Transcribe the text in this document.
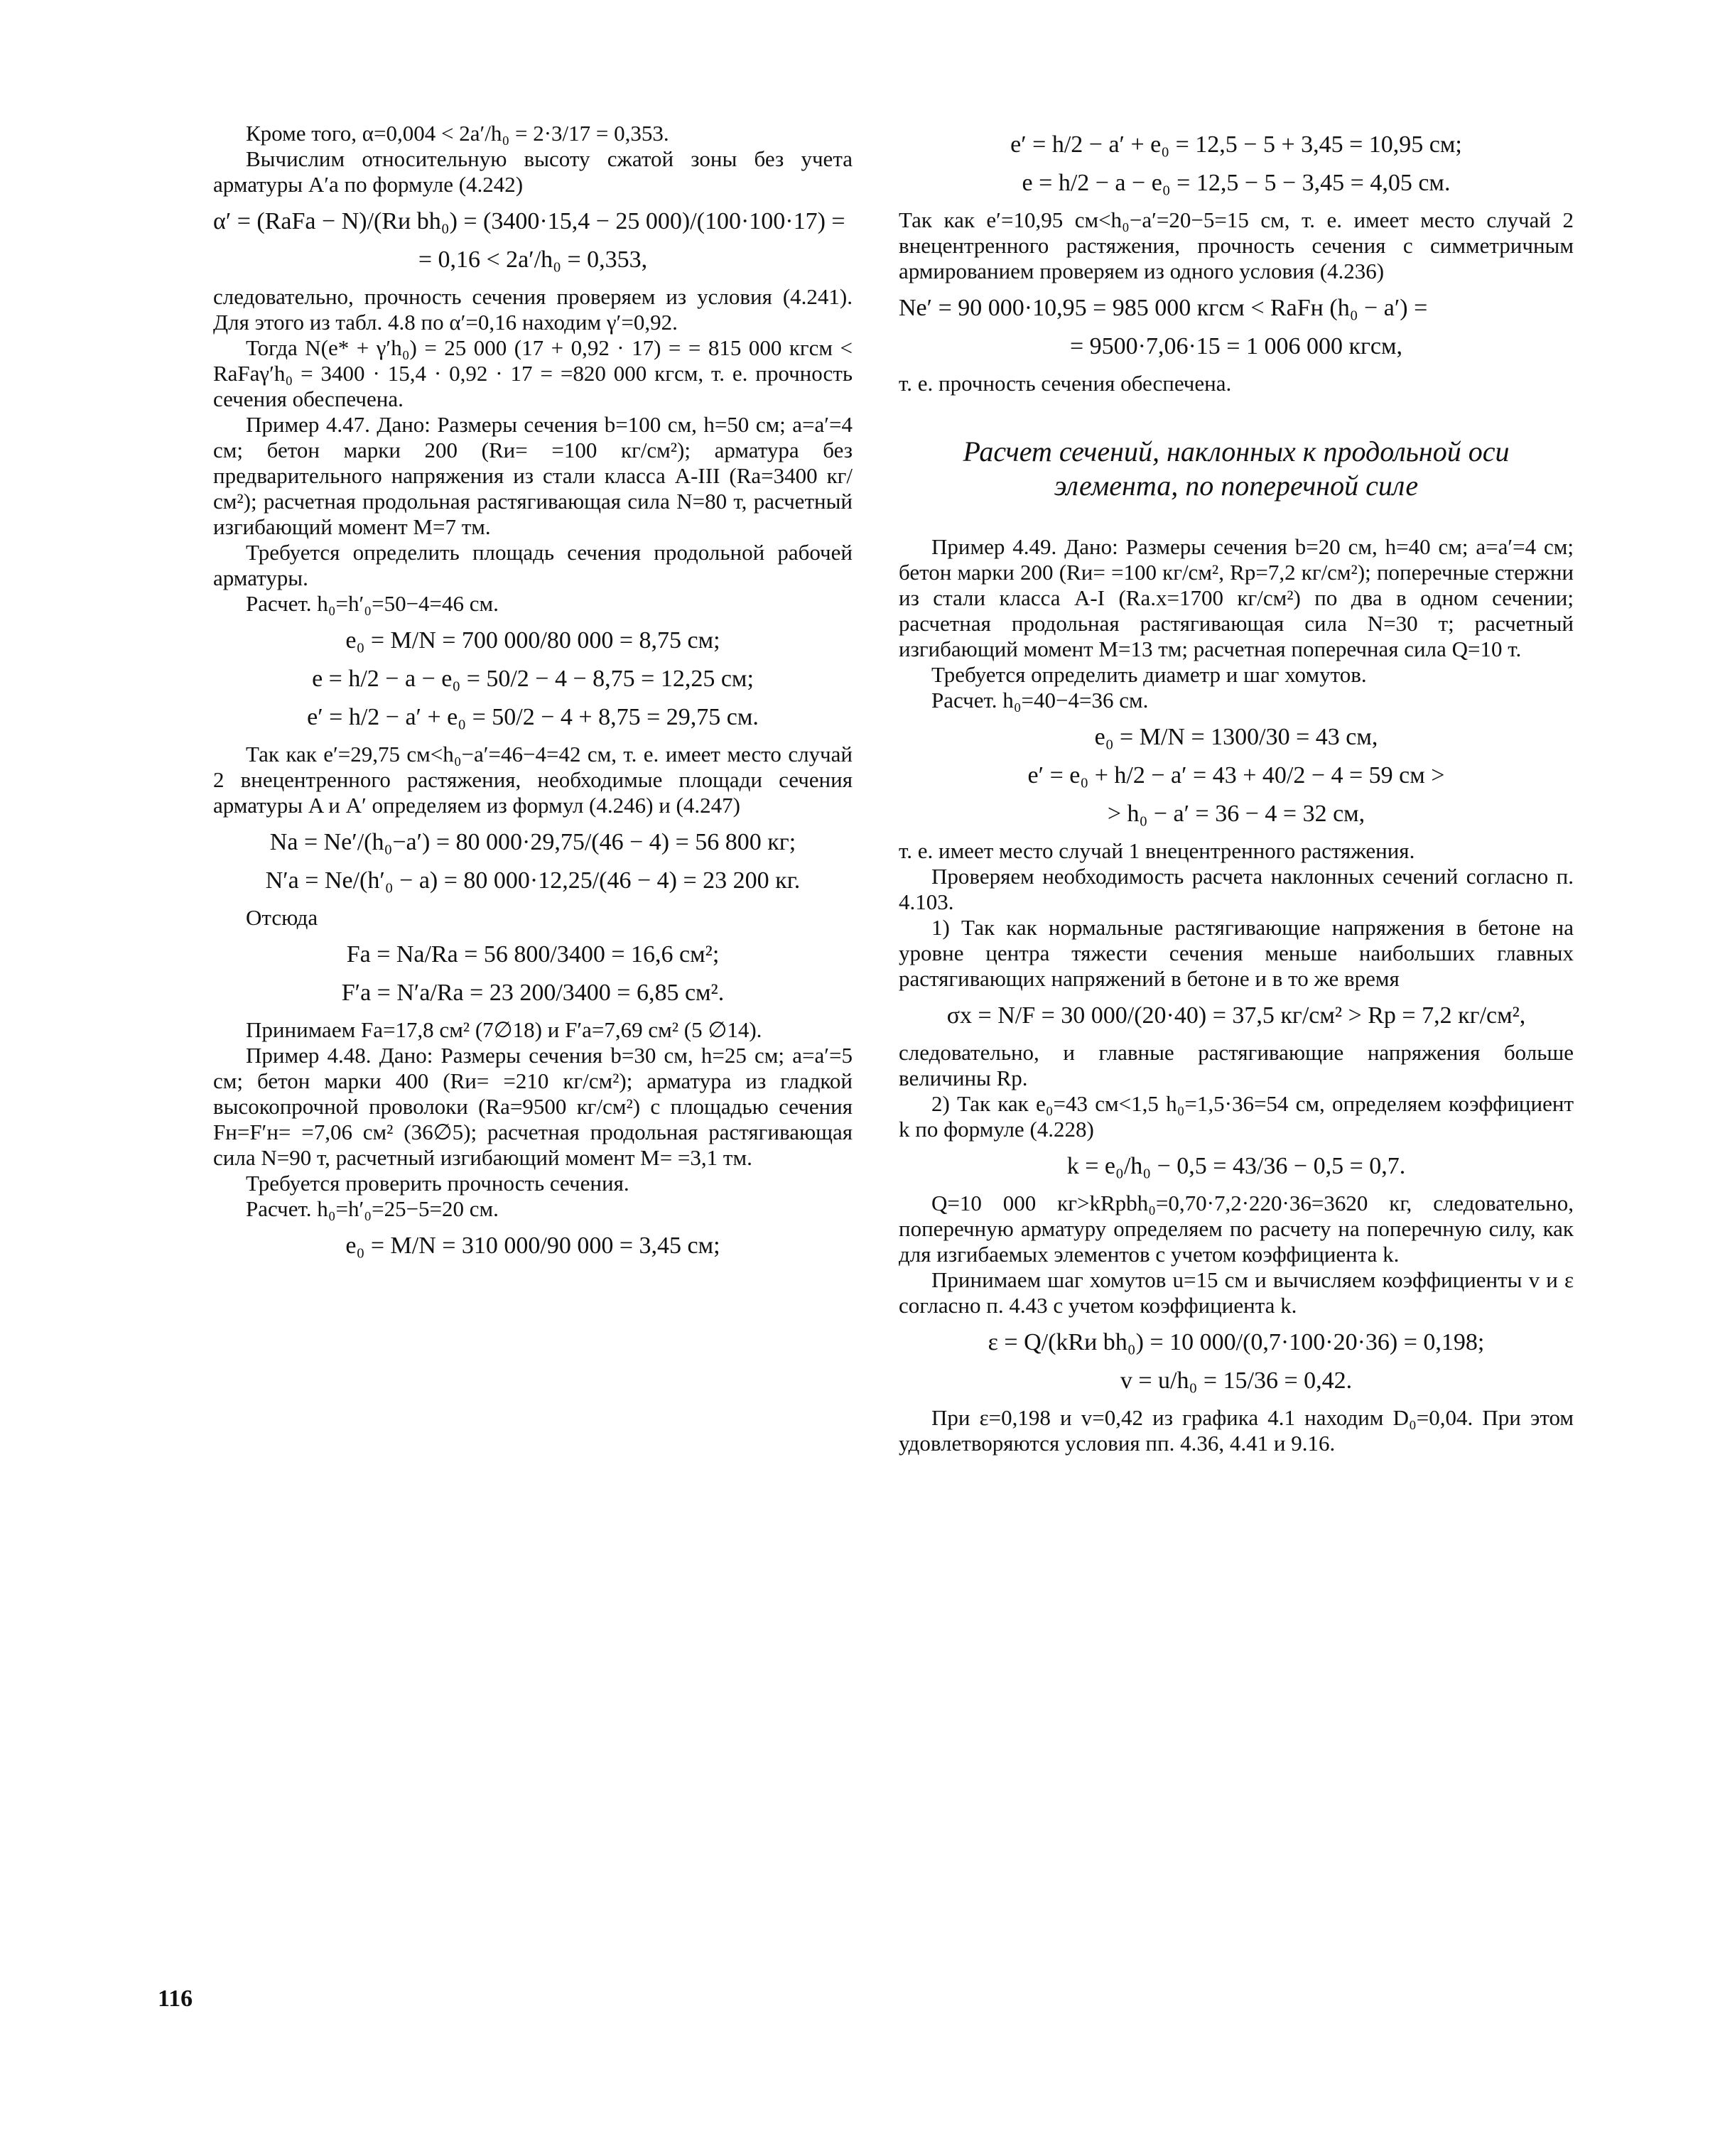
Кроме того, α=0,004 < 2a′/h₀ = 2·3/17 = 0,353.

Вычислим относительную высоту сжатой зоны без учета арматуры A′а по формуле (4.242)

α′ = (RаFа − N)/(Rи bh₀) = (3400·15,4 − 25 000)/(100·100·17) =

= 0,16 < 2a′/h₀ = 0,353,

следовательно, прочность сечения проверяем из условия (4.241). Для этого из табл. 4.8 по α′=0,16 находим γ′=0,92.

Тогда N(e* + γ′h₀) = 25 000 (17 + 0,92 · 17) = = 815 000 кгсм < RаFаγ′h₀ = 3400 · 15,4 · 0,92 · 17 = =820 000 кгсм, т. е. прочность сечения обеспечена.

Пример 4.47. Дано: Размеры сечения b=100 см, h=50 см; a=a′=4 см; бетон марки 200 (Rи= =100 кг/см²); арматура без предварительного напряжения из стали класса A-III (Rа=3400 кг/см²); расчетная продольная растягивающая сила N=80 т, расчетный изгибающий момент M=7 тм.

Требуется определить площадь сечения продольной рабочей арматуры.

Расчет. h₀=h′₀=50−4=46 см.

e₀ = M/N = 700 000/80 000 = 8,75 см;

e = h/2 − a − e₀ = 50/2 − 4 − 8,75 = 12,25 см;

e′ = h/2 − a′ + e₀ = 50/2 − 4 + 8,75 = 29,75 см.

Так как e′=29,75 см<h₀−a′=46−4=42 см, т. е. имеет место случай 2 внецентренного растяжения, необходимые площади сечения арматуры A и A′ определяем из формул (4.246) и (4.247)

Nа = Ne′/(h₀−a′) = 80 000·29,75/(46 − 4) = 56 800 кг;

N′а = Ne/(h′₀ − a) = 80 000·12,25/(46 − 4) = 23 200 кг.

Отсюда

Fа = Nа/Rа = 56 800/3400 = 16,6 см²;

F′а = N′а/Rа = 23 200/3400 = 6,85 см².

Принимаем Fа=17,8 см² (7∅18) и F′а=7,69 см² (5 ∅14).

Пример 4.48. Дано: Размеры сечения b=30 см, h=25 см; a=a′=5 см; бетон марки 400 (Rи= =210 кг/см²); арматура из гладкой высокопрочной проволоки (Rа=9500 кг/см²) с площадью сечения Fн=F′н= =7,06 см² (36∅5); расчетная продольная растягивающая сила N=90 т, расчетный изгибающий момент M= =3,1 тм.

Требуется проверить прочность сечения.

Расчет. h₀=h′₀=25−5=20 см.

e₀ = M/N = 310 000/90 000 = 3,45 см;

e′ = h/2 − a′ + e₀ = 12,5 − 5 + 3,45 = 10,95 см;

e = h/2 − a − e₀ = 12,5 − 5 − 3,45 = 4,05 см.

Так как e′=10,95 см<h₀−a′=20−5=15 см, т. е. имеет место случай 2 внецентренного растяжения, прочность сечения с симметричным армированием проверяем из одного условия (4.236)

Ne′ = 90 000·10,95 = 985 000 кгсм < RаFн (h₀ − a′) =

= 9500·7,06·15 = 1 006 000 кгсм,

т. е. прочность сечения обеспечена.

Расчет сечений, наклонных к продольной оси элемента, по поперечной силе

Пример 4.49. Дано: Размеры сечения b=20 см, h=40 см; a=a′=4 см; бетон марки 200 (Rи= =100 кг/см², Rр=7,2 кг/см²); поперечные стержни из стали класса A-I (Rа.х=1700 кг/см²) по два в одном сечении; расчетная продольная растягивающая сила N=30 т; расчетный изгибающий момент M=13 тм; расчетная поперечная сила Q=10 т.

Требуется определить диаметр и шаг хомутов.

Расчет. h₀=40−4=36 см.

e₀ = M/N = 1300/30 = 43 см,

e′ = e₀ + h/2 − a′ = 43 + 40/2 − 4 = 59 см >

> h₀ − a′ = 36 − 4 = 32 см,

т. е. имеет место случай 1 внецентренного растяжения.

Проверяем необходимость расчета наклонных сечений согласно п. 4.103.

1) Так как нормальные растягивающие напряжения в бетоне на уровне центра тяжести сечения меньше наибольших главных растягивающих напряжений в бетоне и в то же время

σx = N/F = 30 000/(20·40) = 37,5 кг/см² > Rр = 7,2 кг/см²,

следовательно, и главные растягивающие напряжения больше величины Rр.

2) Так как e₀=43 см<1,5 h₀=1,5·36=54 см, определяем коэффициент k по формуле (4.228)

k = e₀/h₀ − 0,5 = 43/36 − 0,5 = 0,7.

Q=10 000 кг>kRрbh₀=0,70·7,2·220·36=3620 кг, следовательно, поперечную арматуру определяем по расчету на поперечную силу, как для изгибаемых элементов с учетом коэффициента k.

Принимаем шаг хомутов u=15 см и вычисляем коэффициенты v и ε согласно п. 4.43 с учетом коэффициента k.

ε = Q/(kRи bh₀) = 10 000/(0,7·100·20·36) = 0,198;

v = u/h₀ = 15/36 = 0,42.

При ε=0,198 и v=0,42 из графика 4.1 находим D₀=0,04. При этом удовлетворяются условия пп. 4.36, 4.41 и 9.16.

116
